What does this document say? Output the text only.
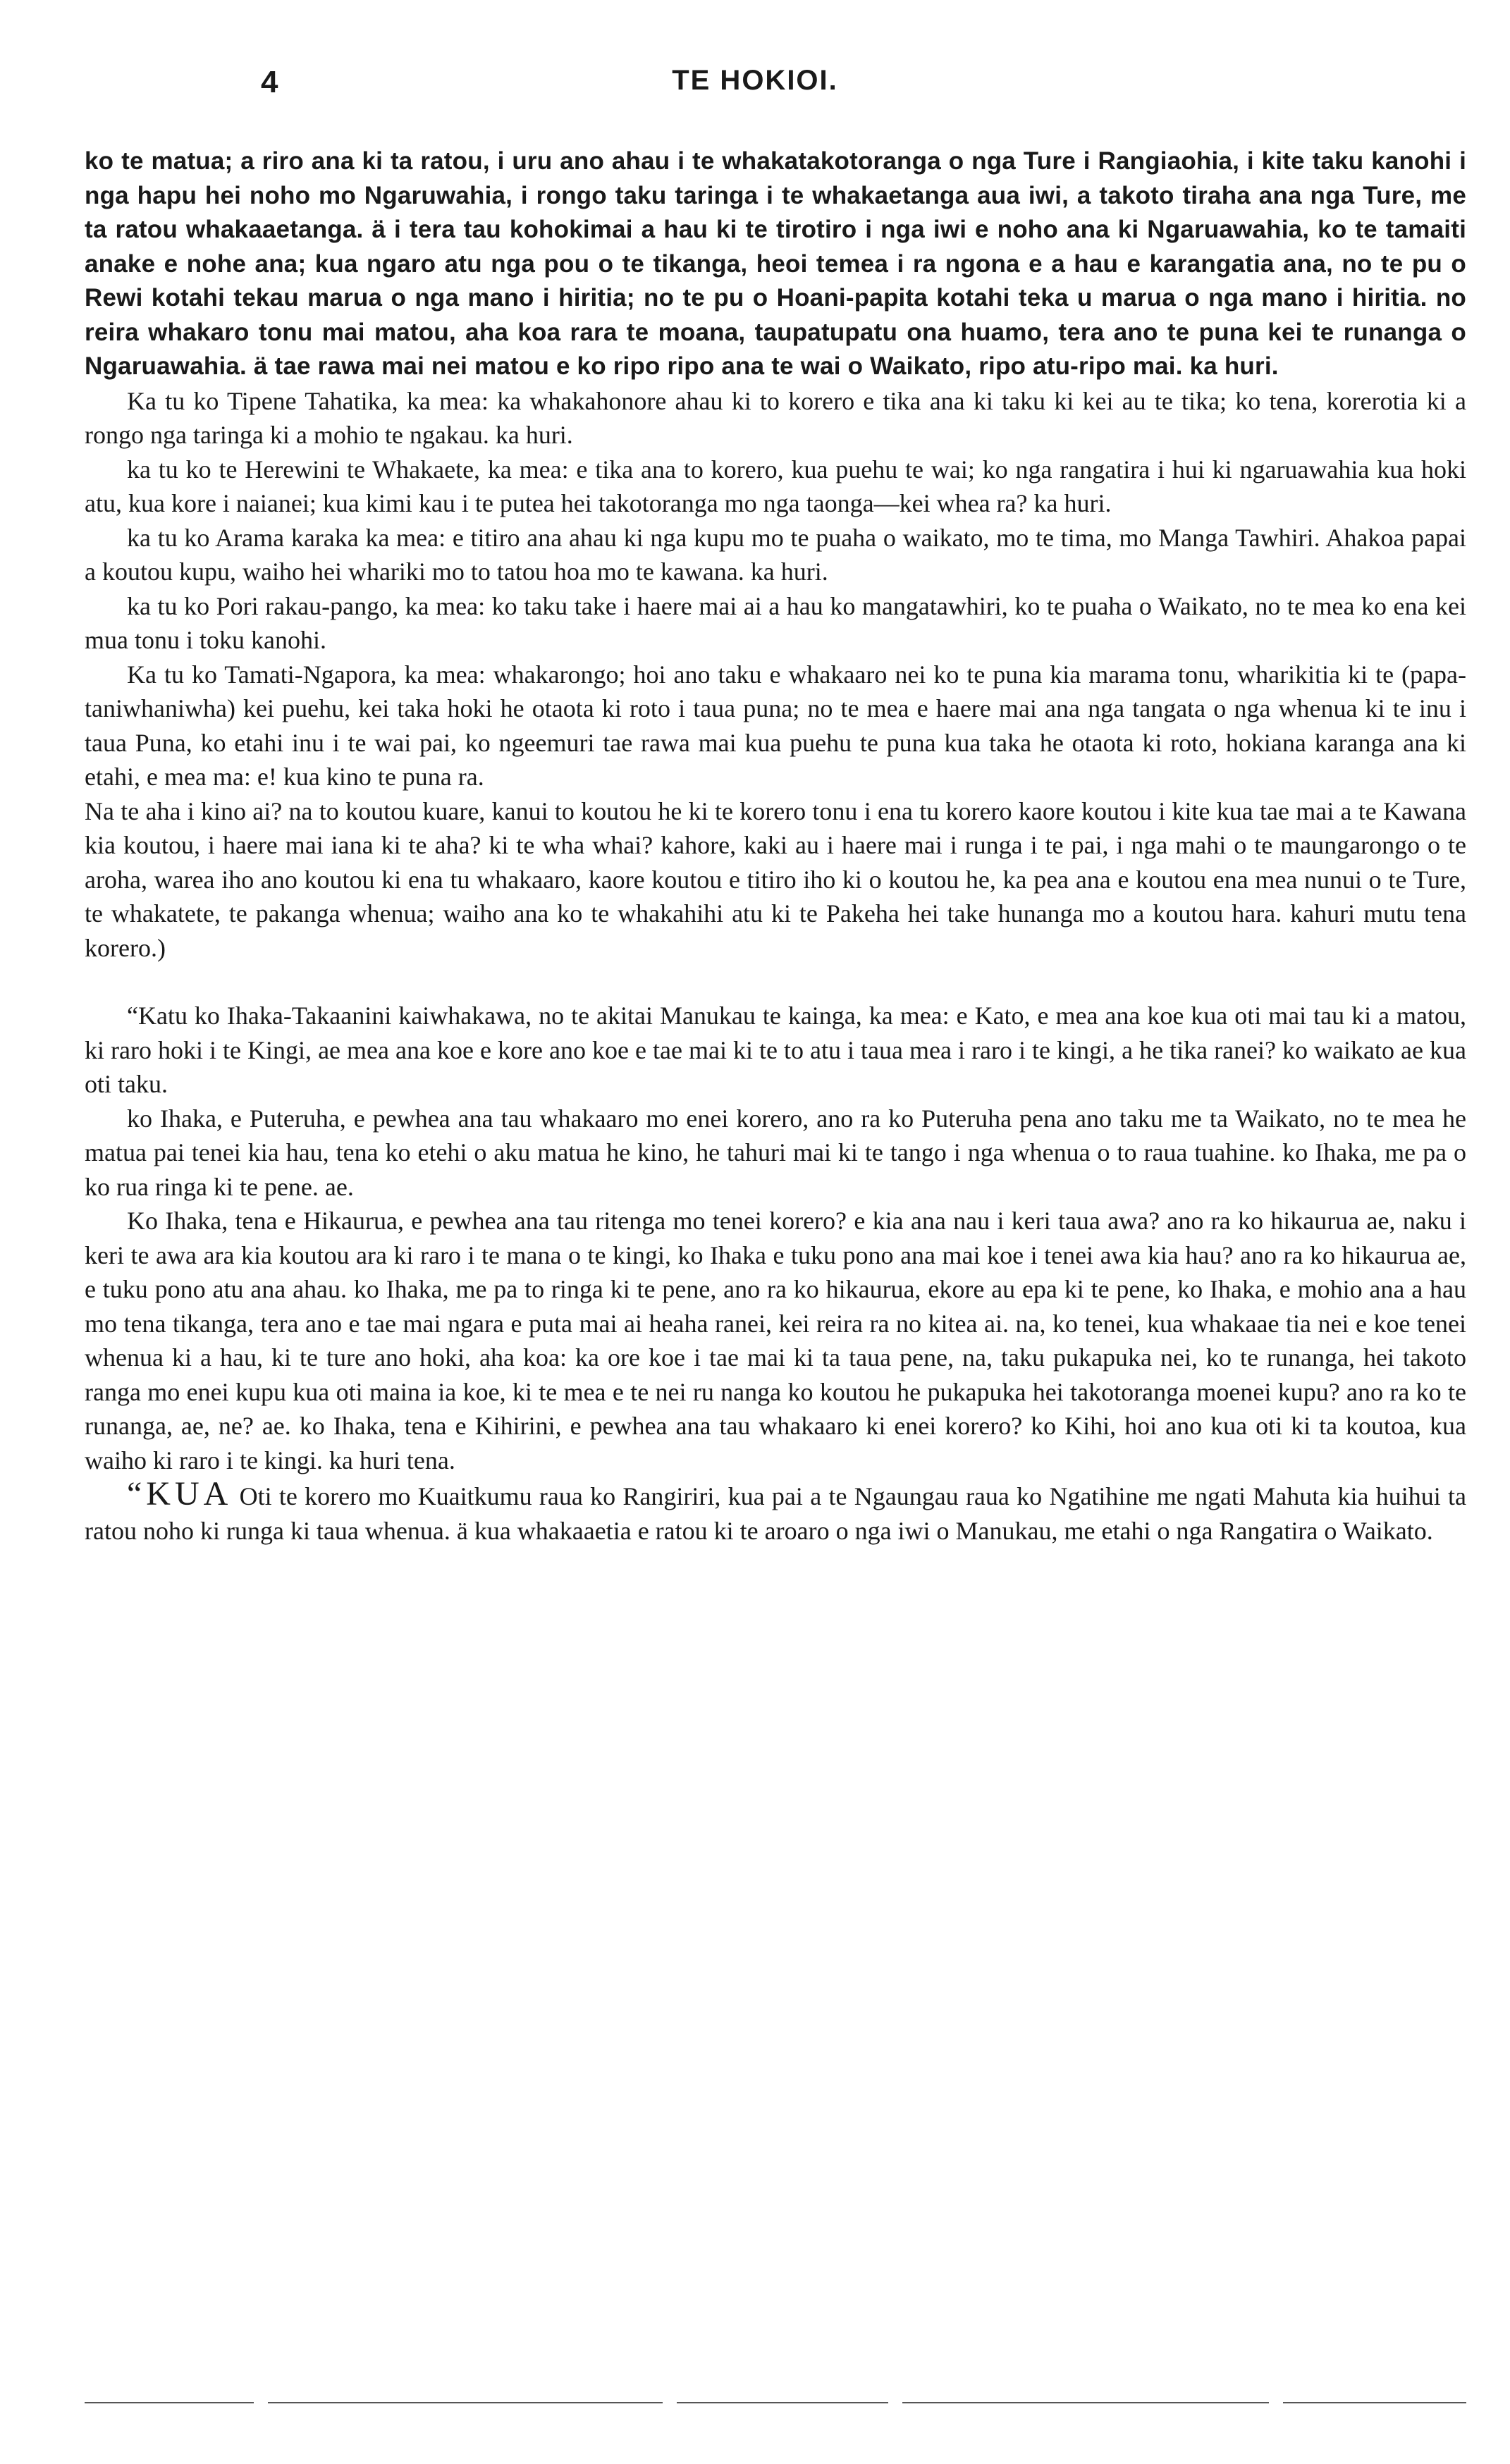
4	TE HOKIOI.

ko te matua; a riro ana ki ta ratou, i uru ano ahau i te whakatakotoranga o nga Ture i Rangiaohia, i kite taku kanohi i nga hapu hei noho mo Ngaruwahia, i rongo taku taringa i te whakaetanga aua iwi, a takoto tiraha ana nga Ture, me ta ratou whakaaetanga. ä i tera tau kohokimai a hau ki te tirotiro i nga iwi e noho ana ki Ngaruawahia, ko te tamaiti anake e nohe ana; kua ngaro atu nga pou o te tikanga, heoi temea i ra ngona e a hau e karangatia ana, no te pu o Rewi kotahi tekau marua o nga mano i hiritia; no te pu o Hoani-papita kotahi teka u marua o nga mano i hiritia. no reira whakaro tonu mai matou, aha koa rara te moana, taupatupatu ona huamo, tera ano te puna kei te runanga o Ngaruawahia. ä tae rawa mai nei matou e ko ripo ripo ana te wai o Waikato, ripo atu-ripo mai. ka huri.

Ka tu ko Tipene Tahatika, ka mea: ka whakahonore ahau ki to korero e tika ana ki taku ki kei au te tika; ko tena, korerotia ki a rongo nga taringa ki a mohio te ngakau. ka huri.

ka tu ko te Herewini te Whakaete, ka mea: e tika ana to korero, kua puehu te wai; ko nga rangatira i hui ki ngaruawahia kua hoki atu, kua kore i naianei; kua kimi kau i te putea hei takotoranga mo nga taonga—kei whea ra? ka huri.

ka tu ko Arama karaka ka mea: e titiro ana ahau ki nga kupu mo te puaha o waikato, mo te tima, mo Manga Tawhiri. Ahakoa papai a koutou kupu, waiho hei whariki mo to tatou hoa mo te kawana. ka huri.

ka tu ko Pori rakau-pango, ka mea: ko taku take i haere mai ai a hau ko mangatawhiri, ko te puaha o Waikato, no te mea ko ena kei mua tonu i toku kanohi.

Ka tu ko Tamati-Ngapora, ka mea: whakarongo; hoi ano taku e whakaaro nei ko te puna kia marama tonu, wharikitia ki te (papa-taniwhaniwha) kei puehu, kei taka hoki he otaota ki roto i taua puna; no te mea e haere mai ana nga tangata o nga whenua ki te inu i taua Puna, ko etahi inu i te wai pai, ko ngeemuri tae rawa mai kua puehu te puna kua taka he otaota ki roto, hokiana karanga ana ki etahi, e mea ma: e! kua kino te puna ra.

Na te aha i kino ai? na to koutou kuare, kanui to koutou he ki te korero tonu i ena tu korero kaore koutou i kite kua tae mai a te Kawana kia koutou, i haere mai iana ki te aha? ki te wha whai? kahore, kaki au i haere mai i runga i te pai, i nga mahi o te maungarongo o te aroha, warea iho ano koutou ki ena tu whakaaro, kaore koutou e titiro iho ki o koutou he, ka pea ana e koutou ena mea nunui o te Ture, te whakatete, te pakanga whenua; waiho ana ko te whakahihi atu ki te Pakeha hei take hunanga mo a koutou hara. kahuri mutu tena korero.)

“Katu ko Ihaka-Takaanini kaiwhakawa, no te akitai Manukau te kainga, ka mea: e Kato, e mea ana koe kua oti mai tau ki a matou, ki raro hoki i te Kingi, ae mea ana koe e kore ano koe e tae mai ki te to atu i taua mea i raro i te kingi, a he tika ranei? ko waikato ae kua oti taku.

ko Ihaka, e Puteruha, e pewhea ana tau whakaaro mo enei korero, ano ra ko Puteruha pena ano taku me ta Waikato, no te mea he matua pai tenei kia hau, tena ko etehi o aku matua he kino, he tahuri mai ki te tango i nga whenua o to raua tuahine. ko Ihaka, me pa o ko rua ringa ki te pene. ae.

Ko Ihaka, tena e Hikaurua, e pewhea ana tau ritenga mo tenei korero? e kia ana nau i keri taua awa? ano ra ko hikaurua ae, naku i keri te awa ara kia koutou ara ki raro i te mana o te kingi, ko Ihaka e tuku pono ana mai koe i tenei awa kia hau? ano ra ko hikaurua ae, e tuku pono atu ana ahau. ko Ihaka, me pa to ringa ki te pene, ano ra ko hikaurua, ekore au epa ki te pene, ko Ihaka, e mohio ana a hau mo tena tikanga, tera ano e tae mai ngara e puta mai ai heaha ranei, kei reira ra no kitea ai. na, ko tenei, kua whakaae tia nei e koe tenei whenua ki a hau, ki te ture ano hoki, aha koa: ka ore koe i tae mai ki ta taua pene, na, taku pukapuka nei, ko te runanga, hei takoto ranga mo enei kupu kua oti maina ia koe, ki te mea e te nei ru nanga ko koutou he pukapuka hei takotoranga moenei kupu? ano ra ko te runanga, ae, ne? ae. ko Ihaka, tena e Kihirini, e pewhea ana tau whakaaro ki enei korero? ko Kihi, hoi ano kua oti ki ta koutoa, kua waiho ki raro i te kingi. ka huri tena.

“KUA Oti te korero mo Kuaitkumu raua ko Rangiriri, kua pai a te Ngaungau raua ko Ngatihine me ngati Mahuta kia huihui ta ratou noho ki runga ki taua whenua. ä kua whakaaetia e ratou ki te aroaro o nga iwi o Manukau, me etahi o nga Rangatira o Waikato.
